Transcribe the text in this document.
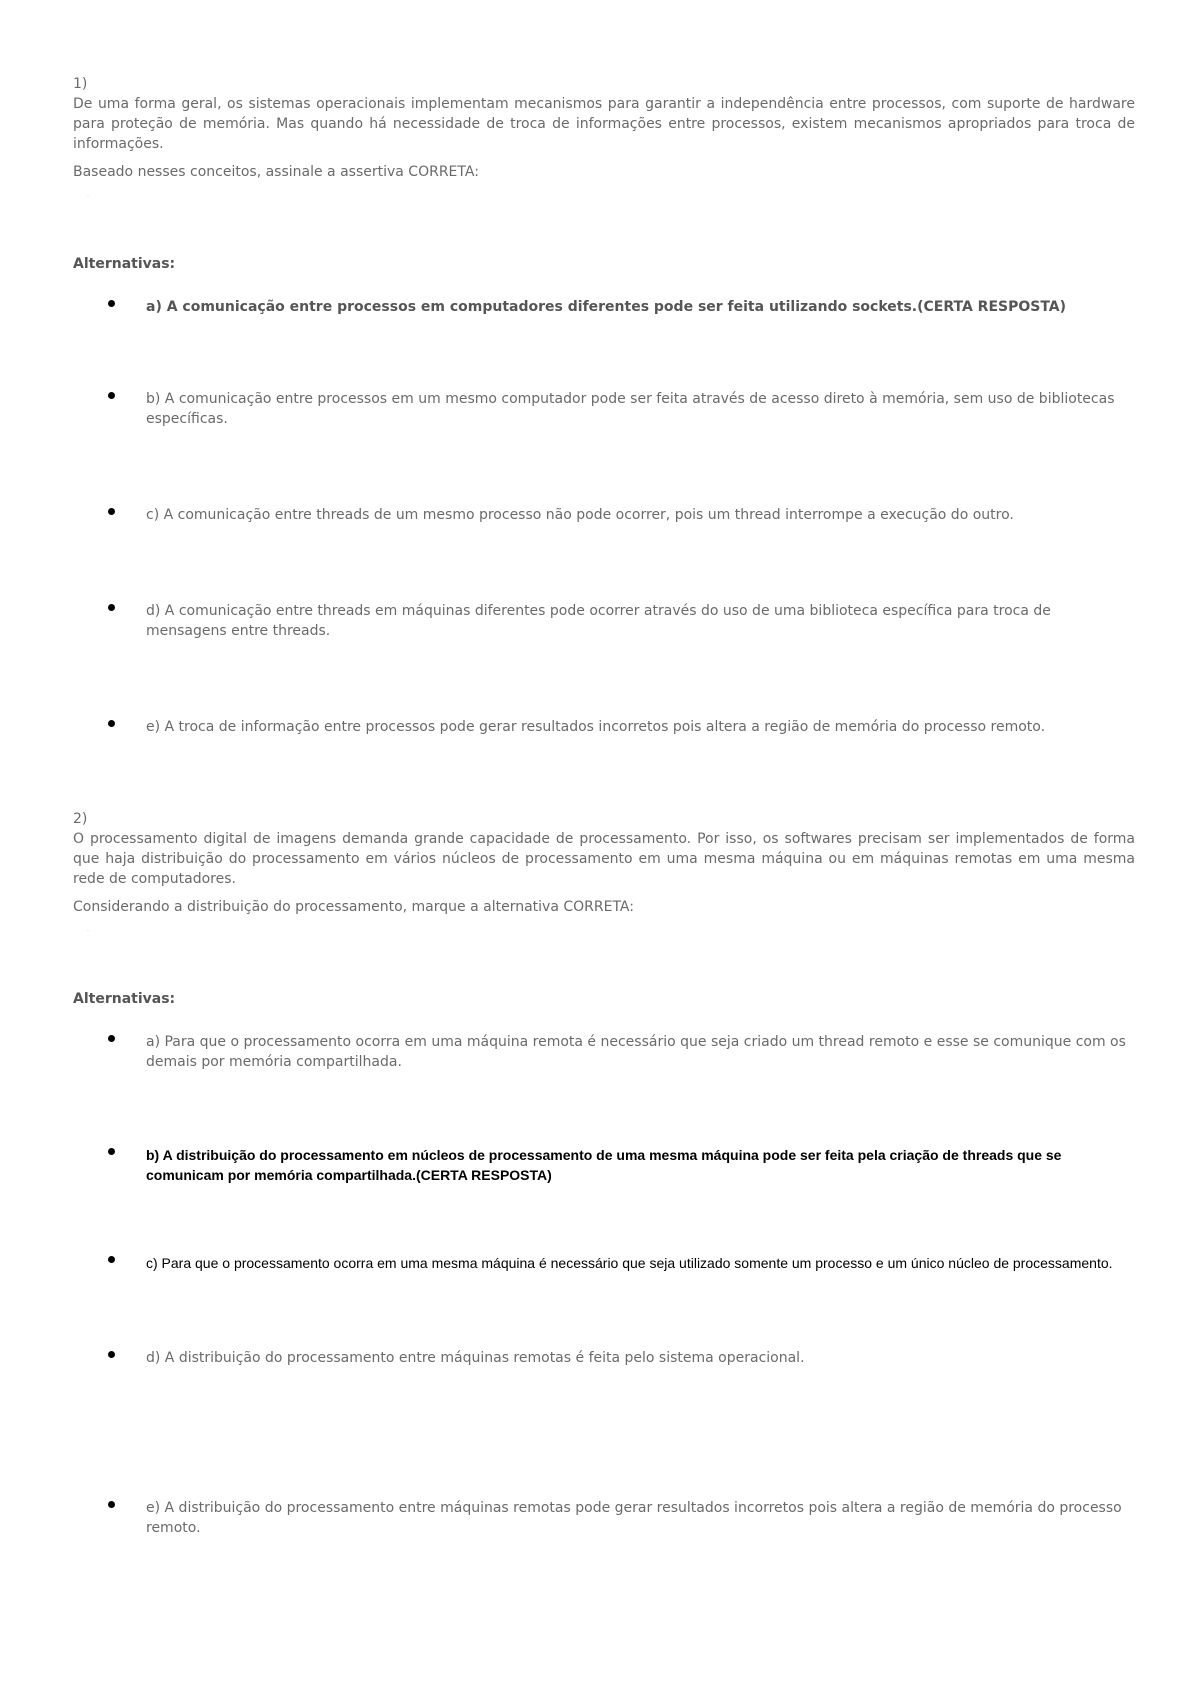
1)

De uma forma geral, os sistemas operacionais implementam mecanismos para garantir a independência entre processos, com suporte de hardware para proteção de memória. Mas quando há necessidade de troca de informações entre processos, existem mecanismos apropriados para troca de informações.

Baseado nesses conceitos, assinale a assertiva CORRETA:

.

Alternativas:

a) A comunicação entre processos em computadores diferentes pode ser feita utilizando sockets.(CERTA RESPOSTA)
b) A comunicação entre processos em um mesmo computador pode ser feita através de acesso direto à memória, sem uso de bibliotecas específicas.
c) A comunicação entre threads de um mesmo processo não pode ocorrer, pois um thread interrompe a execução do outro.
d) A comunicação entre threads em máquinas diferentes pode ocorrer através do uso de uma biblioteca específica para troca de mensagens entre threads.
e) A troca de informação entre processos pode gerar resultados incorretos pois altera a região de memória do processo remoto.

2)

O processamento digital de imagens demanda grande capacidade de processamento. Por isso, os softwares precisam ser implementados de forma que haja distribuição do processamento em vários núcleos de processamento em uma mesma máquina ou em máquinas remotas em uma mesma rede de computadores.

Considerando a distribuição do processamento, marque a alternativa CORRETA:

.

Alternativas:

a) Para que o processamento ocorra em uma máquina remota é necessário que seja criado um thread remoto e esse se comunique com os demais por memória compartilhada.
b) A distribuição do processamento em núcleos de processamento de uma mesma máquina pode ser feita pela criação de threads que se comunicam por memória compartilhada.(CERTA RESPOSTA)
c) Para que o processamento ocorra em uma mesma máquina é necessário que seja utilizado somente um processo e um único núcleo de processamento.
d) A distribuição do processamento entre máquinas remotas é feita pelo sistema operacional.
e) A distribuição do processamento entre máquinas remotas pode gerar resultados incorretos pois altera a região de memória do processo remoto.
